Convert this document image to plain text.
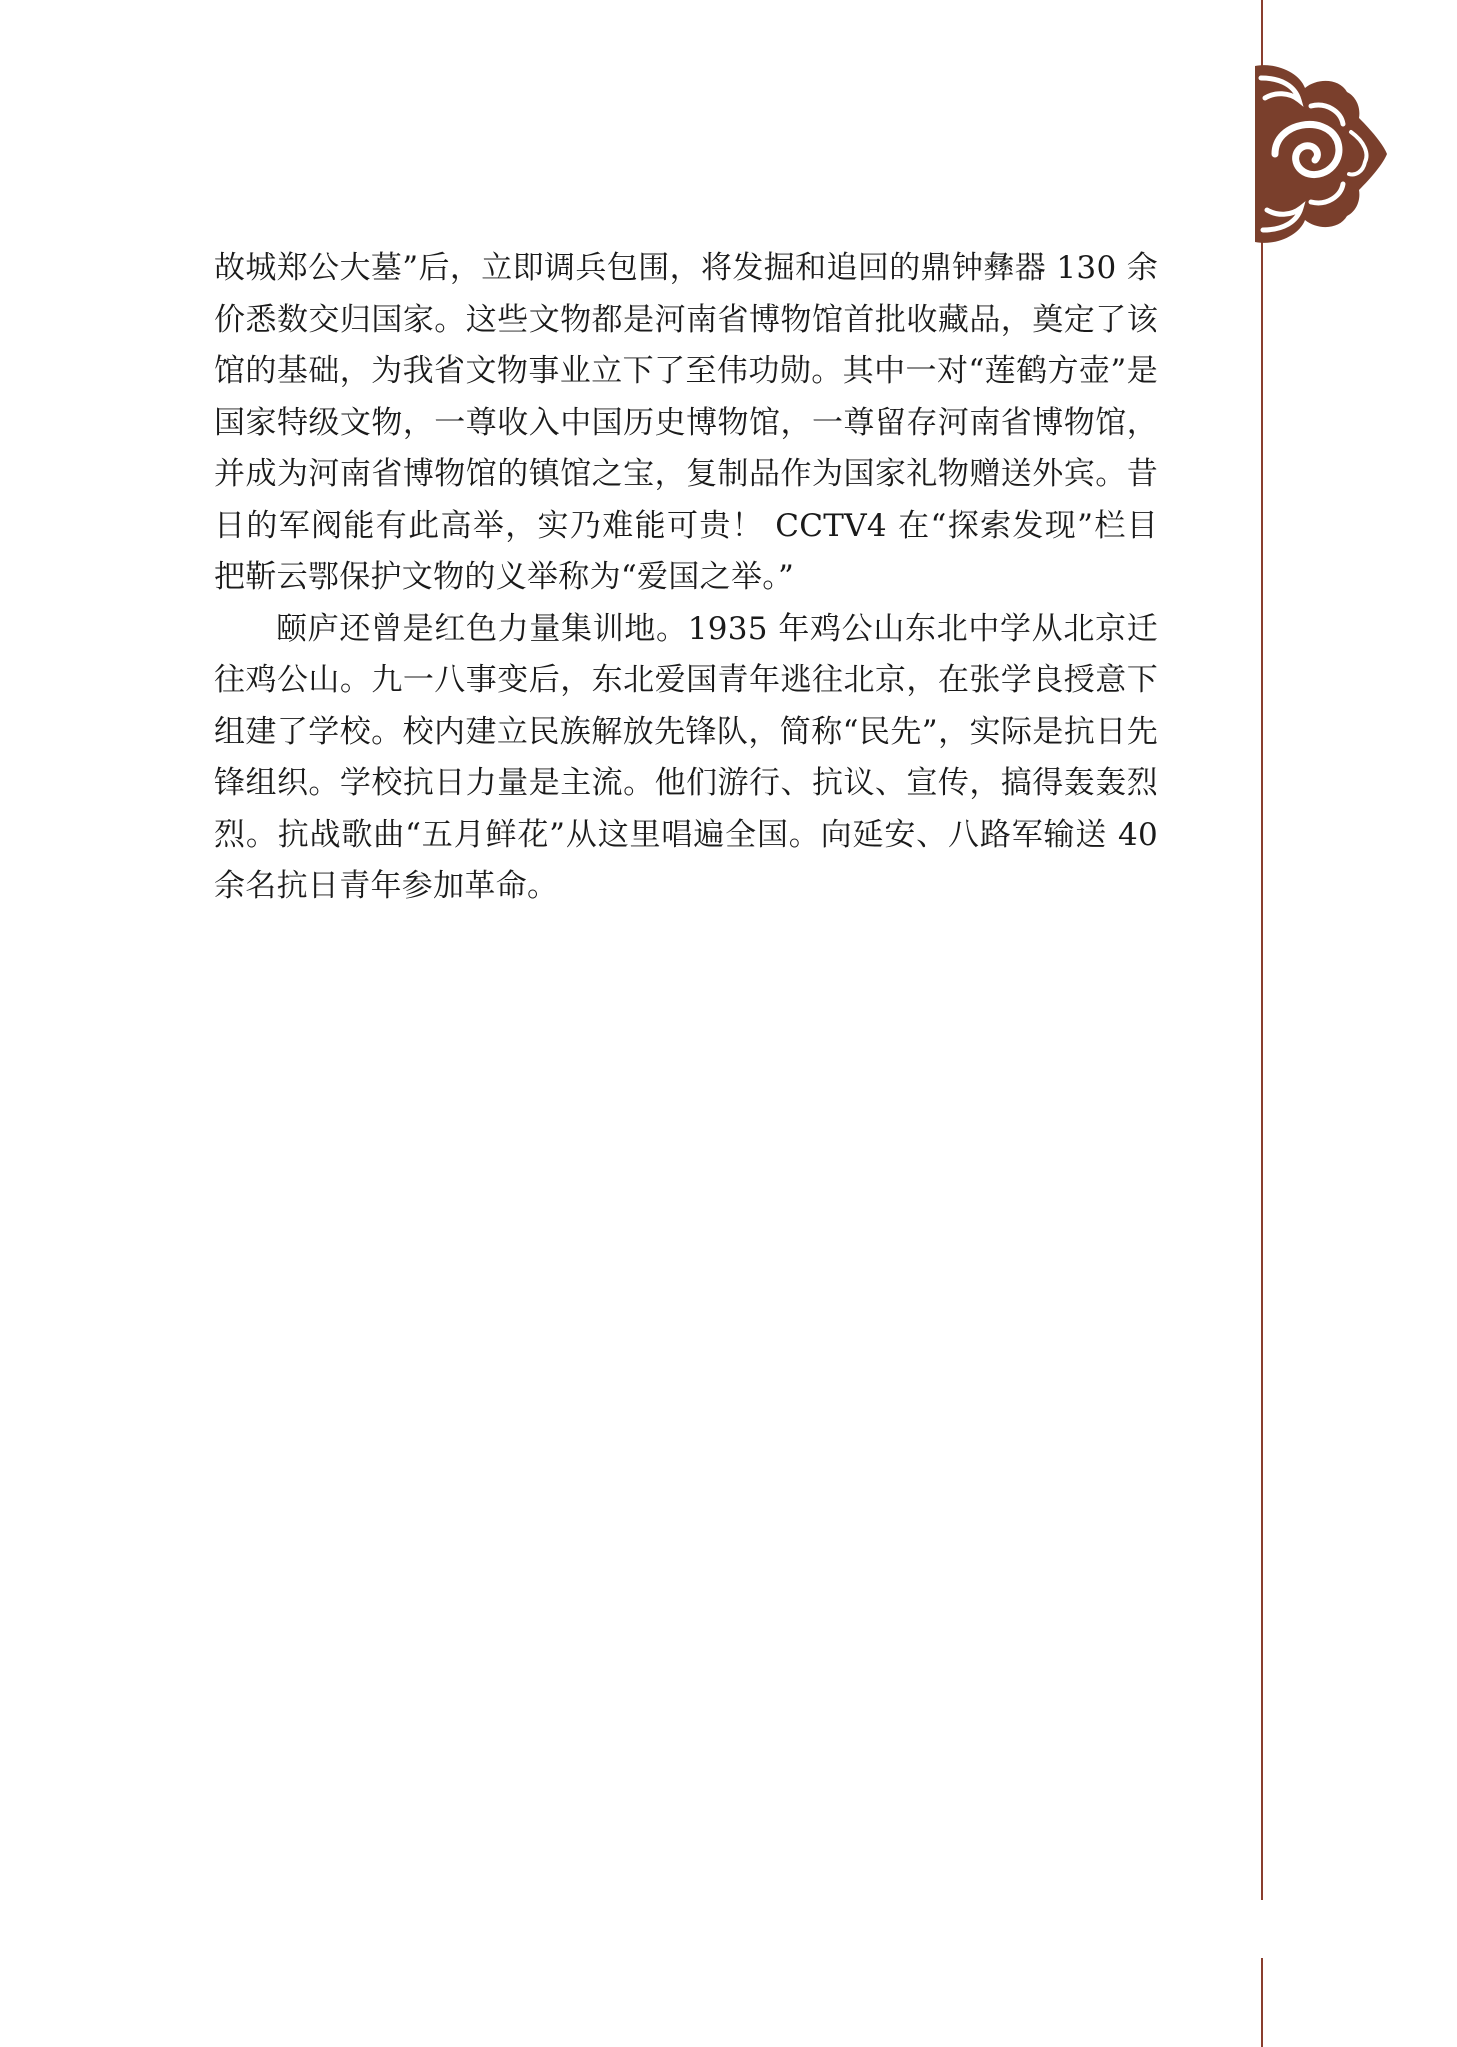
故城郑公大墓”后，立即调兵包围，将发掘和追回的鼎钟彝器 130 余价悉数交归国家。这些文物都是河南省博物馆首批收藏品，奠定了该馆的基础，为我省文物事业立下了至伟功勋。其中一对“莲鹤方壶”是国家特级文物，一尊收入中国历史博物馆，一尊留存河南省博物馆，并成为河南省博物馆的镇馆之宝，复制品作为国家礼物赠送外宾。昔日的军阀能有此高举，实乃难能可贵！ CCTV4 在“探索发现”栏目把靳云鄂保护文物的义举称为“爱国之举。”

颐庐还曾是红色力量集训地。1935 年鸡公山东北中学从北京迁往鸡公山。九一八事变后，东北爱国青年逃往北京，在张学良授意下组建了学校。校内建立民族解放先锋队，简称“民先”，实际是抗日先锋组织。学校抗日力量是主流。他们游行、抗议、宣传，搞得轰轰烈烈。抗战歌曲“五月鲜花”从这里唱遍全国。向延安、八路军输送 40 余名抗日青年参加革命。
